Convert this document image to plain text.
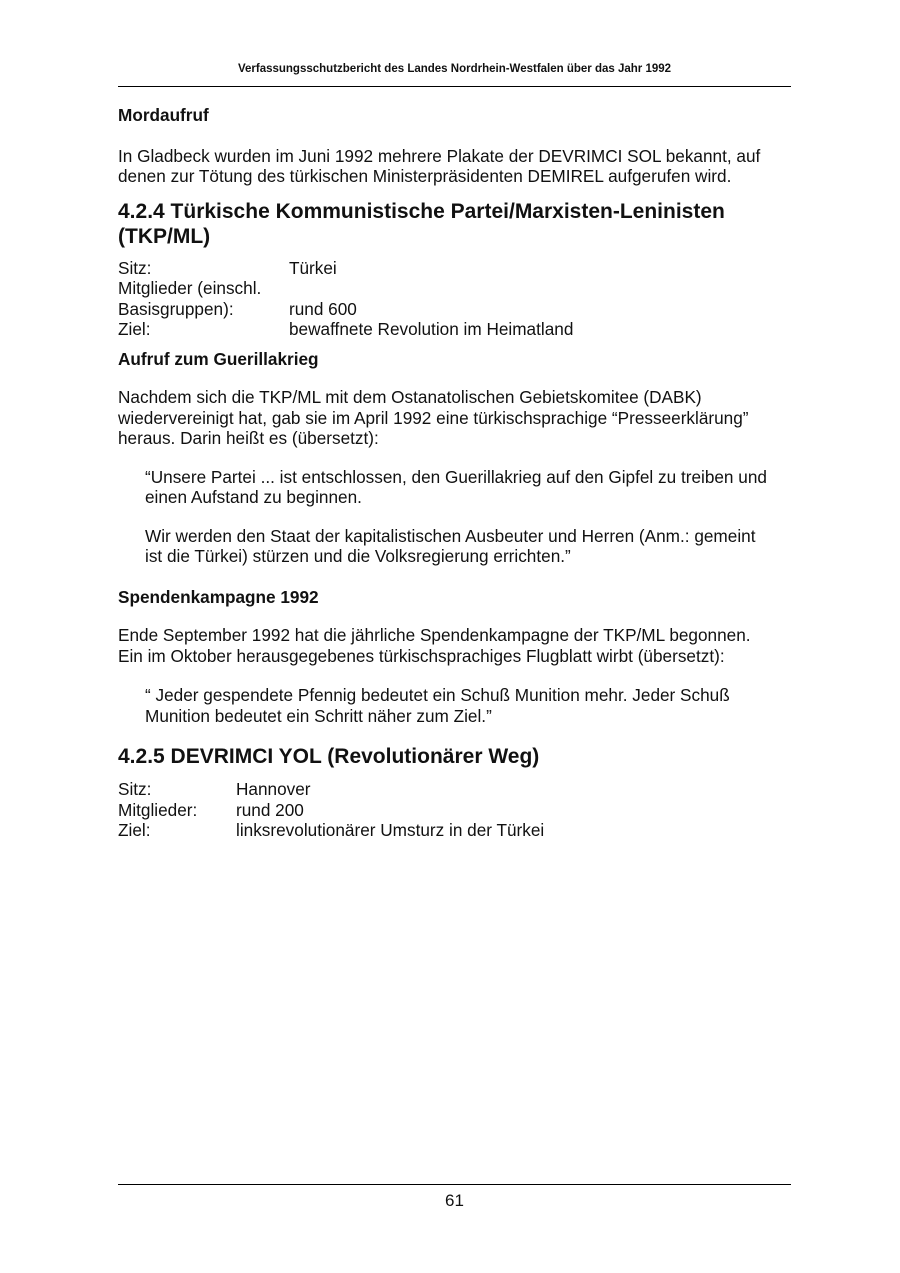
Verfassungsschutzbericht des Landes Nordrhein-Westfalen über das Jahr 1992
Mordaufruf

In Gladbeck wurden im Juni 1992 mehrere Plakate der DEVRIMCI SOL bekannt, auf denen zur Tötung des türkischen Ministerpräsidenten DEMIREL aufgerufen wird.

4.2.4 Türkische Kommunistische Partei/Marxisten-Leninisten
(TKP/ML)
Sitz:	Türkei
Mitglieder (einschl.	
Basisgruppen):	rund 600
Ziel:	bewaffnete Revolution im Heimatland
Aufruf zum Guerillakrieg

Nachdem sich die TKP/ML mit dem Ostanatolischen Gebietskomitee (DABK) wiedervereinigt hat, gab sie im April 1992 eine türkischsprachige “Presseerklärung” heraus. Darin heißt es (übersetzt):

“Unsere Partei ... ist entschlossen, den Guerillakrieg auf den Gipfel zu treiben und einen Aufstand zu beginnen.

Wir werden den Staat der kapitalistischen Ausbeuter und Herren (Anm.: gemeint ist die Türkei) stürzen und die Volksregierung errichten.”

Spendenkampagne 1992

Ende September 1992 hat die jährliche Spendenkampagne der TKP/ML begonnen. Ein im Oktober herausgegebenes türkischsprachiges Flugblatt wirbt (übersetzt):

“ Jeder gespendete Pfennig bedeutet ein Schuß Munition mehr. Jeder Schuß Munition bedeutet ein Schritt näher zum Ziel.”

4.2.5 DEVRIMCI YOL (Revolutionärer Weg)
Sitz:	Hannover
Mitglieder:	rund 200
Ziel:	linksrevolutionärer Umsturz in der Türkei
61
